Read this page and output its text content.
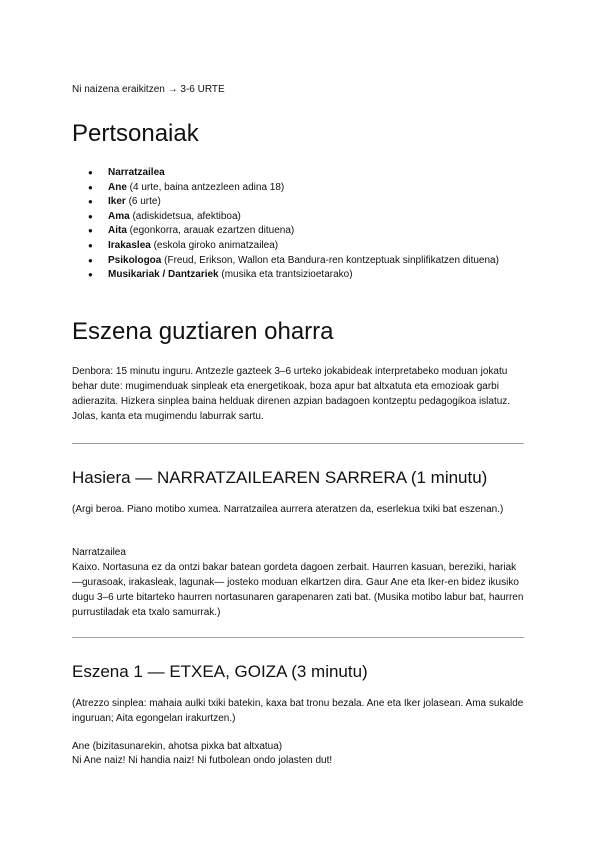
Ni naizena eraikitzen → 3-6 URTE
Pertsonaiak
● Narratzailea
● Ane (4 urte, baina antzezleen adina 18)
● Iker (6 urte)
● Ama (adiskidetsua, afektiboa)
● Aita (egonkorra, arauak ezartzen dituena)
● Irakaslea (eskola giroko animatzailea)
● Psikologoa (Freud, Erikson, Wallon eta Bandura-ren kontzeptuak sinplifikatzen dituena)
● Musikariak / Dantzariek (musika eta trantsizioetarako)
Eszena guztiaren oharra

Denbora: 15 minutu inguru. Antzezle gazteek 3–6 urteko jokabideak interpretabeko moduan jokatu behar dute: mugimenduak sinpleak eta energetikoak, boza apur bat altxatuta eta emozioak garbi adierazita. Hizkera sinplea baina helduak direnen azpian badagoen kontzeptu pedagogikoa islatuz. Jolas, kanta eta mugimendu laburrak sartu.

Hasiera — NARRATZAILEAREN SARRERA (1 minutu)

(Argi beroa. Piano motibo xumea. Narratzailea aurrera ateratzen da, eserlekua txiki bat eszenan.)

Narratzailea

Kaixo. Nortasuna ez da ontzi bakar batean gordeta dagoen zerbait. Haurren kasuan, bereziki, hariak —gurasoak, irakasleak, lagunak— josteko moduan elkartzen dira. Gaur Ane eta Iker-en bidez ikusiko dugu 3–6 urte bitarteko haurren nortasunaren garapenaren zati bat. (Musika motibo labur bat, haurren purrustiladak eta txalo samurrak.)

Eszena 1 — ETXEA, GOIZA (3 minutu)

(Atrezzo sinplea: mahaia aulki txiki batekin, kaxa bat tronu bezala. Ane eta Iker jolasean. Ama sukalde inguruan; Aita egongelan irakurtzen.)

Ane (bizitasunarekin, ahotsa pixka bat altxatua)

Ni Ane naiz! Ni handia naiz! Ni futbolean ondo jolasten dut!
